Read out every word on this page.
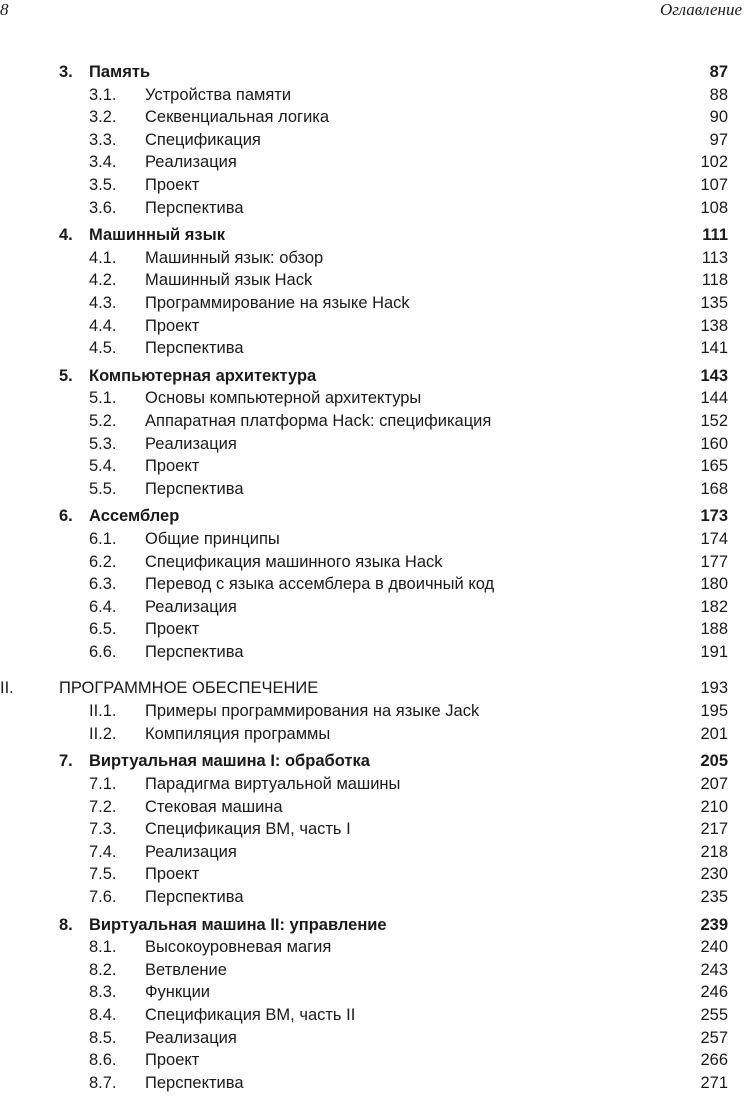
8	Оглавление
3. Память	87
3.1. Устройства памяти	88
3.2. Секвенциальная логика	90
3.3. Спецификация	97
3.4. Реализация	102
3.5. Проект	107
3.6. Перспектива	108
4. Машинный язык	111
4.1. Машинный язык: обзор	113
4.2. Машинный язык Hack	118
4.3. Программирование на языке Hack	135
4.4. Проект	138
4.5. Перспектива	141
5. Компьютерная архитектура	143
5.1. Основы компьютерной архитектуры	144
5.2. Аппаратная платформа Hack: спецификация	152
5.3. Реализация	160
5.4. Проект	165
5.5. Перспектива	168
6. Ассемблер	173
6.1. Общие принципы	174
6.2. Спецификация машинного языка Hack	177
6.3. Перевод с языка ассемблера в двоичный код	180
6.4. Реализация	182
6.5. Проект	188
6.6. Перспектива	191
II.	ПРОГРАММНОЕ ОБЕСПЕЧЕНИЕ	193
II.1. Примеры программирования на языке Jack	195
II.2. Компиляция программы	201
7. Виртуальная машина I: обработка	205
7.1. Парадигма виртуальной машины	207
7.2. Стековая машина	210
7.3. Спецификация ВМ, часть I	217
7.4. Реализация	218
7.5. Проект	230
7.6. Перспектива	235
8. Виртуальная машина II: управление	239
8.1. Высокоуровневая магия	240
8.2. Ветвление	243
8.3. Функции	246
8.4. Спецификация ВМ, часть II	255
8.5. Реализация	257
8.6. Проект	266
8.7. Перспектива	271
